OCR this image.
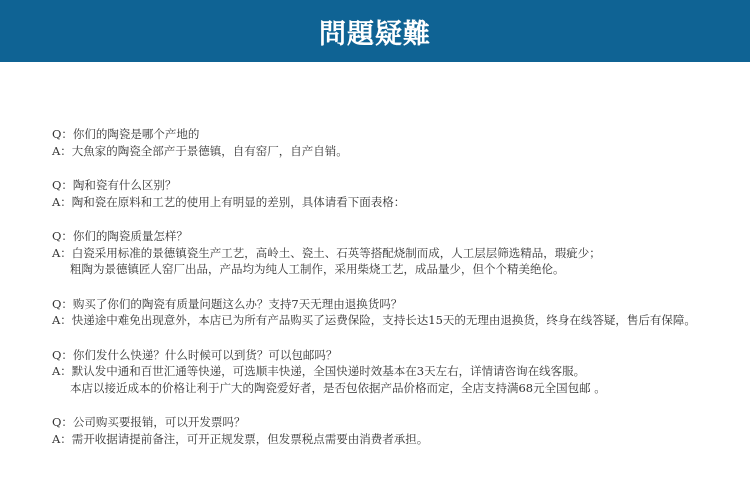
問題疑難
Q：你们的陶瓷是哪个产地的
A：大魚家的陶瓷全部产于景德镇，自有窑厂，自产自销。
Q：陶和瓷有什么区别？
A：陶和瓷在原料和工艺的使用上有明显的差别，具体请看下面表格：
Q：你们的陶瓷质量怎样？
A：白瓷采用标准的景德镇瓷生产工艺，高岭土、瓷土、石英等搭配烧制而成，人工层层筛选精品，瑕疵少；
粗陶为景德镇匠人窑厂出品，产品均为纯人工制作，采用柴烧工艺，成品量少，但个个精美绝伦。
Q：购买了你们的陶瓷有质量问题这么办？支持7天无理由退换货吗？
A：快递途中难免出现意外，本店已为所有产品购买了运费保险，支持长达15天的无理由退换货，终身在线答疑，售后有保障。
Q：你们发什么快递？什么时候可以到货？可以包邮吗？
A：默认发中通和百世汇通等快递，可选顺丰快递，全国快递时效基本在3天左右，详情请咨询在线客服。
本店以接近成本的价格让利于广大的陶瓷爱好者，是否包依据产品价格而定，全店支持满68元全国包邮 。
Q：公司购买要报销，可以开发票吗？
A：需开收据请提前备注，可开正规发票，但发票税点需要由消费者承担。
